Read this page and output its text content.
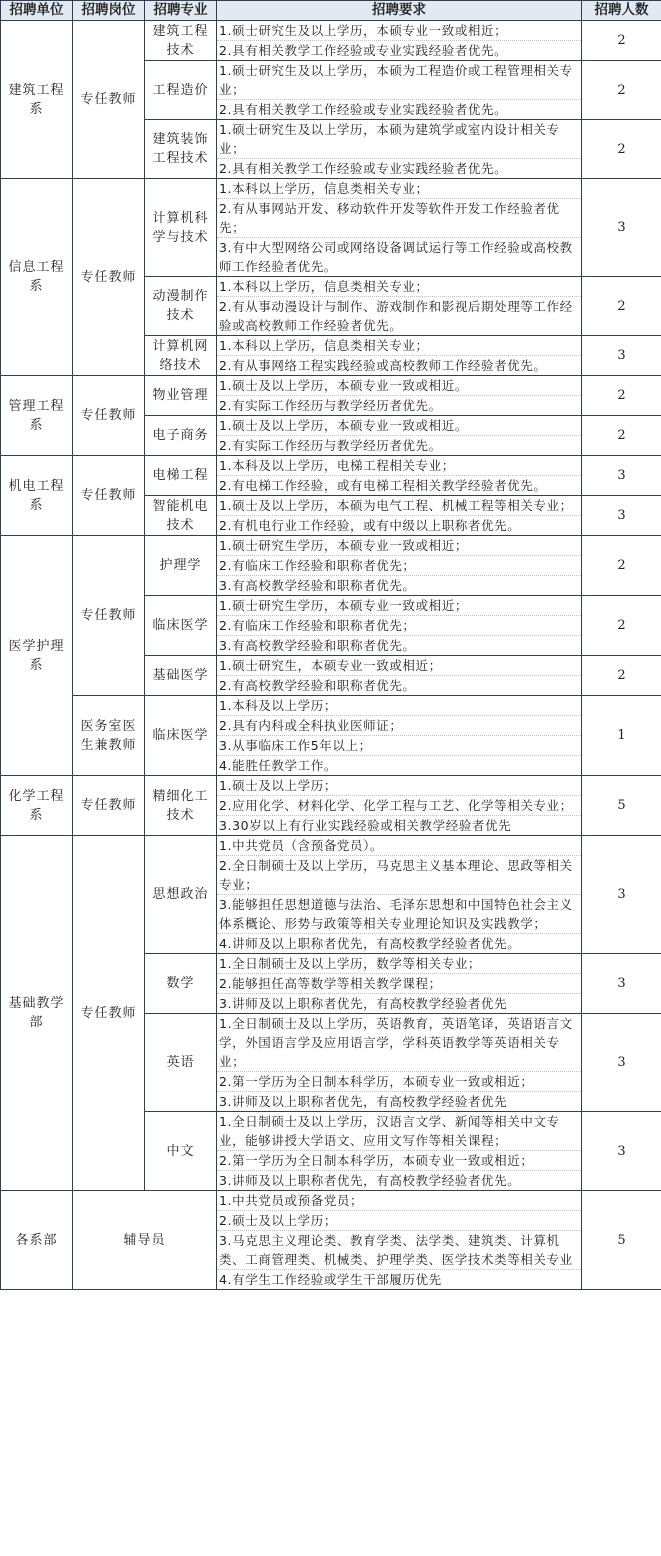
招聘单位	招聘岗位	招聘专业	招聘要求	招聘人数
建筑工程系	专任教师	建筑工程技术	1.硕士研究生及以上学历，本硕专业一致或相近；
2.具有相关教学工作经验或专业实践经验者优先。	2
		工程造价	1.硕士研究生及以上学历，本硕为工程造价或工程管理相关专业；
2.具有相关教学工作经验或专业实践经验者优先。	2
		建筑装饰工程技术	1.硕士研究生及以上学历，本硕为建筑学或室内设计相关专业；
2.具有相关教学工作经验或专业实践经验者优先。	2
信息工程系	专任教师	计算机科学与技术	1.本科以上学历，信息类相关专业；
2.有从事网站开发、移动软件开发等软件开发工作经验者优先；
3.有中大型网络公司或网络设备调试运行等工作经验或高校教师工作经验者优先。	3
		动漫制作技术	1.本科以上学历，信息类相关专业；
2.有从事动漫设计与制作、游戏制作和影视后期处理等工作经验或高校教师工作经验者优先。	2
		计算机网络技术	1.本科以上学历，信息类相关专业；
2.有从事网络工程实践经验或高校教师工作经验者优先。	3
管理工程系	专任教师	物业管理	1.硕士及以上学历，本硕专业一致或相近。
2.有实际工作经历与教学经历者优先。	2
		电子商务	1.硕士及以上学历，本硕专业一致或相近。
2.有实际工作经历与教学经历者优先。	2
机电工程系	专任教师	电梯工程	1.本科及以上学历，电梯工程相关专业；
2.有电梯工作经验，或有电梯工程相关教学经验者优先。	3
		智能机电技术	1.硕士及以上学历，本硕为电气工程、机械工程等相关专业；
2.有机电行业工作经验，或有中级以上职称者优先。	3
医学护理系	专任教师	护理学	1.硕士研究生学历，本硕专业一致或相近；
2.有临床工作经验和职称者优先；
3.有高校教学经验和职称者优先。	2
		临床医学	1.硕士研究生学历，本硕专业一致或相近；
2.有临床工作经验和职称者优先；
3.有高校教学经验和职称者优先。	2
		基础医学	1.硕士研究生，本硕专业一致或相近；
2.有高校教学经验和职称者优先。	2
	医务室医生兼教师	临床医学	1.本科及以上学历；
2.具有内科或全科执业医师证；
3.从事临床工作5年以上；
4.能胜任教学工作。	1
化学工程系	专任教师	精细化工技术	1.硕士及以上学历；
2.应用化学、材料化学、化学工程与工艺、化学等相关专业；
3.30岁以上有行业实践经验或相关教学经验者优先	5
基础教学部	专任教师	思想政治	1.中共党员（含预备党员）。
2.全日制硕士及以上学历，马克思主义基本理论、思政等相关专业；
3.能够担任思想道德与法治、毛泽东思想和中国特色社会主义体系概论、形势与政策等相关专业理论知识及实践教学；
4.讲师及以上职称者优先，有高校教学经验者优先。	3
		数学	1.全日制硕士及以上学历，数学等相关专业；
2.能够担任高等数学等相关教学课程；
3.讲师及以上职称者优先，有高校教学经验者优先	3
		英语	1.全日制硕士及以上学历，英语教育，英语笔译，英语语言文学，外国语言学及应用语言学，学科英语教学等英语相关专业；
2.第一学历为全日制本科学历，本硕专业一致或相近；
3.讲师及以上职称者优先，有高校教学经验者优先	3
		中文	1.全日制硕士及以上学历，汉语言文学、新闻等相关中文专业，能够讲授大学语文、应用文写作等相关课程；
2.第一学历为全日制本科学历，本硕专业一致或相近；
3.讲师及以上职称者优先，有高校教学经验者优先。	3
各系部	辅导员		1.中共党员或预备党员；
2.硕士及以上学历；
3.马克思主义理论类、教育学类、法学类、建筑类、计算机类、工商管理类、机械类、护理学类、医学技术类等相关专业
4.有学生工作经验或学生干部履历优先	5
